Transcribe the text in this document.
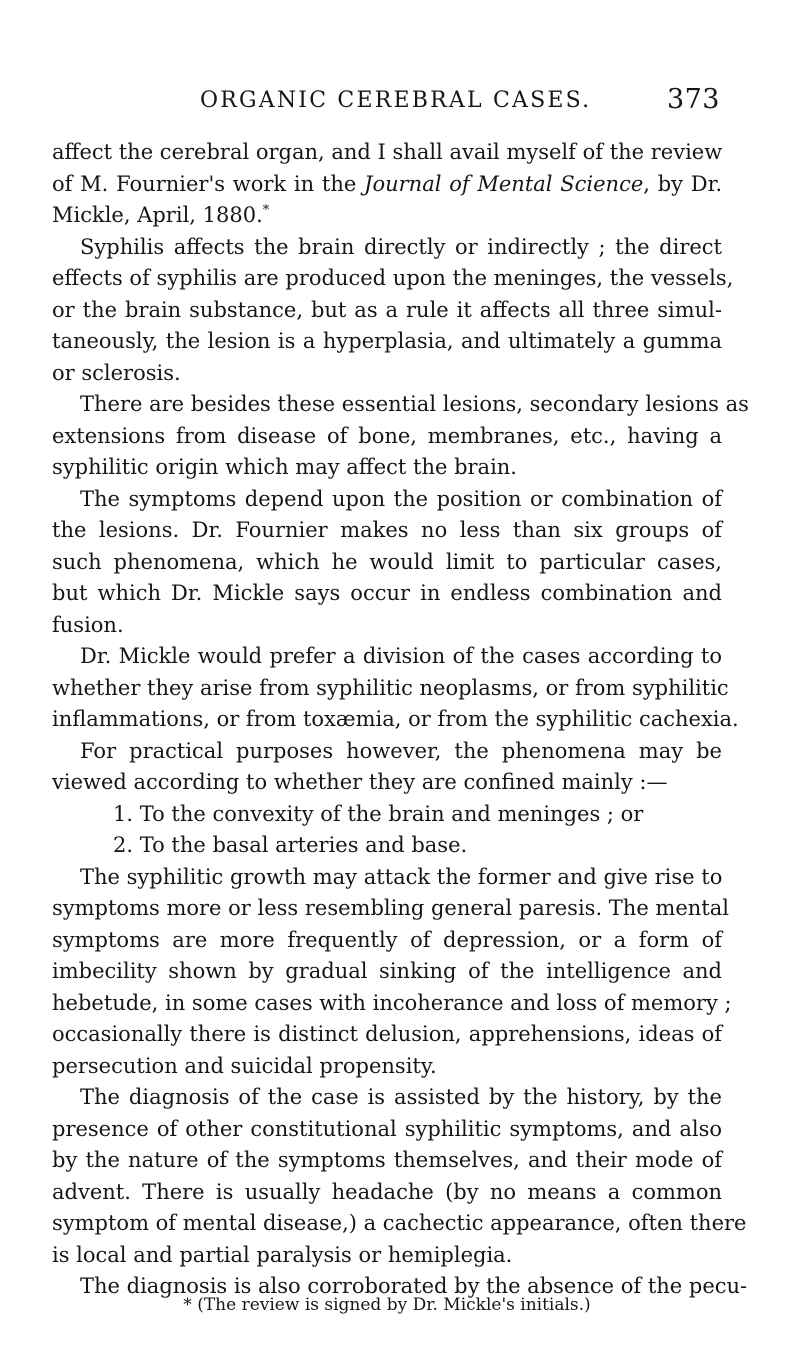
ORGANIC CEREBRAL CASES.	373
affect the cerebral organ, and I shall avail myself of the review
of M. Fournier's work in the Journal of Mental Science, by Dr.
Mickle, April, 1880.*
Syphilis affects the brain directly or indirectly ; the direct
effects of syphilis are produced upon the meninges, the vessels,
or the brain substance, but as a rule it affects all three simul-
taneously, the lesion is a hyperplasia, and ultimately a gumma
or sclerosis.
There are besides these essential lesions, secondary lesions as
extensions from disease of bone, membranes, etc., having a
syphilitic origin which may affect the brain.
The symptoms depend upon the position or combination of
the lesions. Dr. Fournier makes no less than six groups of
such phenomena, which he would limit to particular cases,
but which Dr. Mickle says occur in endless combination and
fusion.
Dr. Mickle would prefer a division of the cases according to
whether they arise from syphilitic neoplasms, or from syphilitic
inflammations, or from toxæmia, or from the syphilitic cachexia.
For practical purposes however, the phenomena may be
viewed according to whether they are confined mainly :—
1. To the convexity of the brain and meninges ; or
2. To the basal arteries and base.
The syphilitic growth may attack the former and give rise to
symptoms more or less resembling general paresis. The mental
symptoms are more frequently of depression, or a form of
imbecility shown by gradual sinking of the intelligence and
hebetude, in some cases with incoherance and loss of memory ;
occasionally there is distinct delusion, apprehensions, ideas of
persecution and suicidal propensity.
The diagnosis of the case is assisted by the history, by the
presence of other constitutional syphilitic symptoms, and also
by the nature of the symptoms themselves, and their mode of
advent. There is usually headache (by no means a common
symptom of mental disease,) a cachectic appearance, often there
is local and partial paralysis or hemiplegia.
The diagnosis is also corroborated by the absence of the pecu-
* (The review is signed by Dr. Mickle's initials.)
